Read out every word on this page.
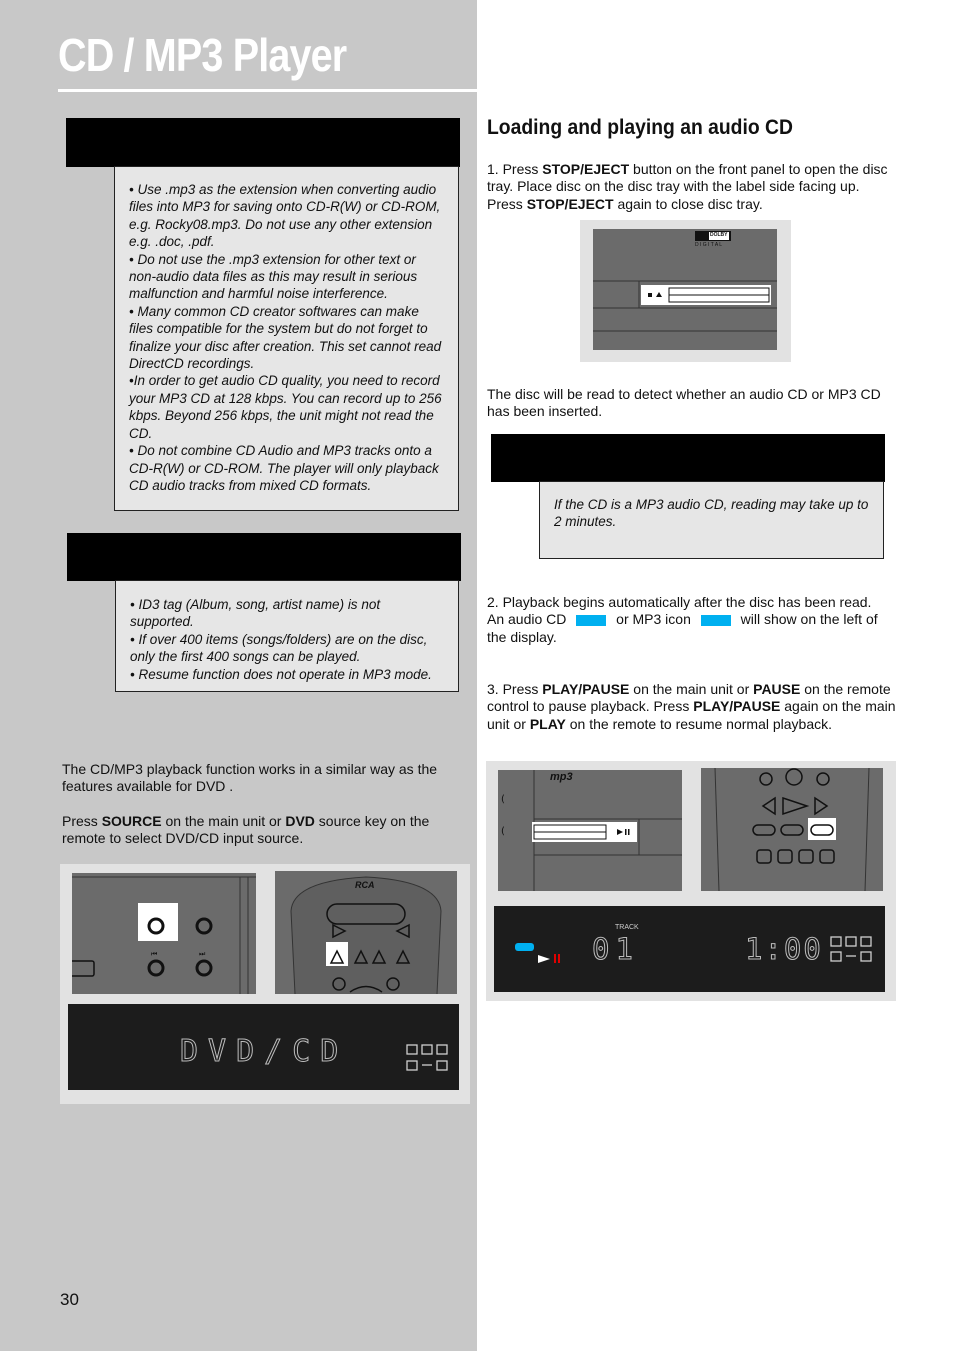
CD / MP3 Player

• Use .mp3 as the extension when converting audio files into MP3 for saving onto CD-R(W) or CD-ROM, e.g. Rocky08.mp3. Do not use any other extension e.g. .doc, .pdf.

• Do not use the .mp3 extension for other text or non-audio data files as this may result in serious malfunction and harmful noise interference.

• Many common CD creator softwares can make files compatible for the system but do not forget to finalize your disc after creation. This set cannot read DirectCD recordings.

•In order to get audio CD quality, you need to record your MP3 CD at 128 kbps. You can record up to 256 kbps. Beyond 256 kbps, the unit might not read the CD.

• Do not combine CD Audio and MP3 tracks onto a CD-R(W) or CD-ROM. The player will only playback CD audio tracks from mixed CD formats.

• ID3 tag (Album, song, artist name) is not supported.

• If over 400 items (songs/folders) are on the disc, only the first 400 songs can be played.

• Resume function does not operate in MP3 mode.

The CD/MP3 playback function works in a similar way as the features available for DVD .

Press SOURCE on the main unit or DVD source key on the remote to select DVD/CD input source.

⏮	⏭
RCA
DVD/CD
Loading and playing an audio CD

1. Press STOP/EJECT button on the front panel to open the disc tray. Place disc on the disc tray with the label side facing up. Press STOP/EJECT again to close disc tray.

DOLBY
D I G I T A L

The disc will be read to detect whether an audio CD or MP3 CD has been inserted.

If the CD is a MP3 audio CD, reading may take up to 2 minutes.

2. Playback begins automatically after the disc has been read.

An audio CD	or MP3 icon	will show on the left of the display.

3. Press PLAY/PAUSE on the main unit or PAUSE on the remote control to pause playback. Press PLAY/PAUSE again on the main unit or PLAY on the remote to resume normal playback.

(
(
mp3
TRACK
01	1:00
30
